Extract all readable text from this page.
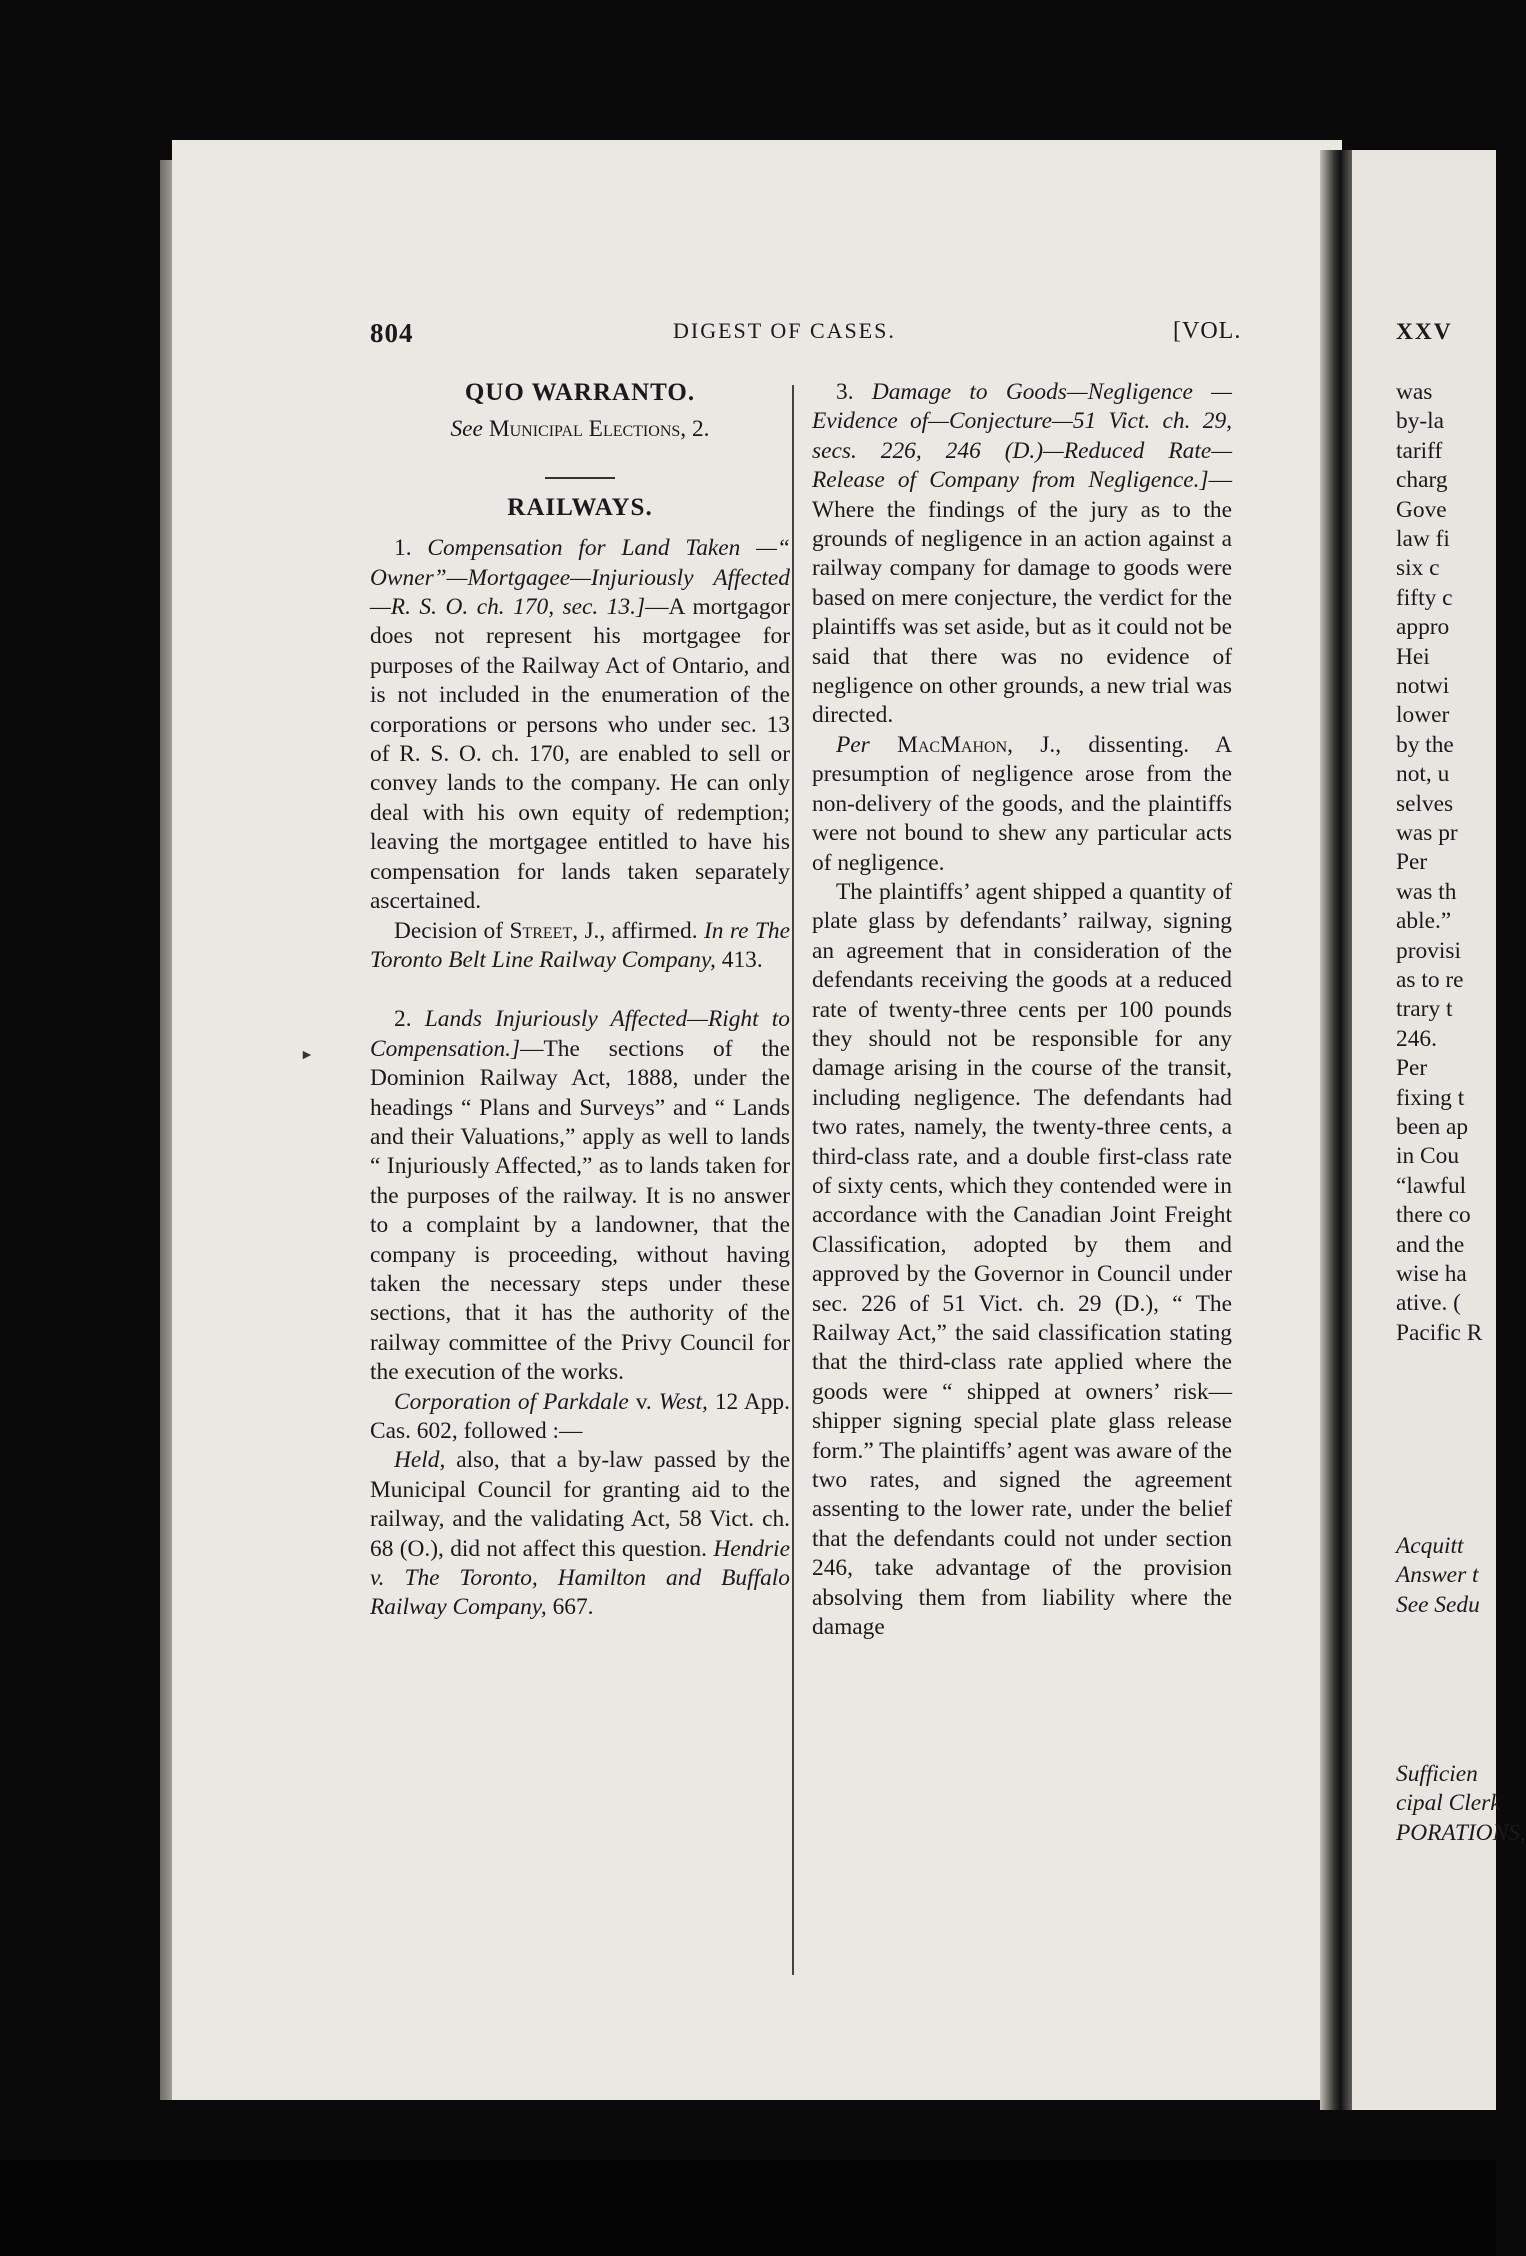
804	DIGEST OF CASES.	[VOL.
►

QUO WARRANTO.

See Municipal Elections, 2.

RAILWAYS.

1. Compensation for Land Taken —“ Owner”—Mortgagee—Injuriously Affected—R. S. O. ch. 170, sec. 13.]—A mortgagor does not represent his mortgagee for purposes of the Railway Act of Ontario, and is not included in the enumeration of the corporations or persons who under sec. 13 of R. S. O. ch. 170, are enabled to sell or convey lands to the company. He can only deal with his own equity of redemption; leaving the mortgagee entitled to have his compensation for lands taken separately ascertained.

Decision of Street, J., affirmed. In re The Toronto Belt Line Railway Company, 413.

2. Lands Injuriously Affected—Right to Compensation.]—The sections of the Dominion Railway Act, 1888, under the headings “ Plans and Surveys” and “ Lands and their Valuations,” apply as well to lands “ Injuriously Affected,” as to lands taken for the purposes of the railway. It is no answer to a complaint by a landowner, that the company is proceeding, without having taken the necessary steps under these sections, that it has the authority of the railway committee of the Privy Council for the execution of the works.

Corporation of Parkdale v. West, 12 App. Cas. 602, followed :—

Held, also, that a by-law passed by the Municipal Council for granting aid to the railway, and the validating Act, 58 Vict. ch. 68 (O.), did not affect this question. Hendrie v. The Toronto, Hamilton and Buffalo Railway Company, 667.

3. Damage to Goods—Negligence —Evidence of—Conjecture—51 Vict. ch. 29, secs. 226, 246 (D.)—Reduced Rate—Release of Company from Negligence.]—Where the findings of the jury as to the grounds of negligence in an action against a railway company for damage to goods were based on mere conjecture, the verdict for the plaintiffs was set aside, but as it could not be said that there was no evidence of negligence on other grounds, a new trial was directed.

Per MacMahon, J., dissenting. A presumption of negligence arose from the non-delivery of the goods, and the plaintiffs were not bound to shew any particular acts of negligence.

The plaintiffs’ agent shipped a quantity of plate glass by defendants’ railway, signing an agreement that in consideration of the defendants receiving the goods at a reduced rate of twenty-three cents per 100 pounds they should not be responsible for any damage arising in the course of the transit, including negligence. The defendants had two rates, namely, the twenty-three cents, a third-class rate, and a double first-class rate of sixty cents, which they contended were in accordance with the Canadian Joint Freight Classification, adopted by them and approved by the Governor in Council under sec. 226 of 51 Vict. ch. 29 (D.), “ The Railway Act,” the said classification stating that the third-class rate applied where the goods were “ shipped at owners’ risk—shipper signing special plate glass release form.” The plaintiffs’ agent was aware of the two rates, and signed the agreement assenting to the lower rate, under the belief that the defendants could not under section 246, take advantage of the provision absolving them from liability where the damage

XXV
was
by-la
tariff
charg
Gove
law fi
six c
fifty c
appro
Hei
notwi
lower
by the
not, u
selves
was pr
Per
was th
able.”
provisi
as to re
trary t
246.
Per
fixing t
been ap
in Cou
“lawful
there co
and the
wise ha
ative. (
Pacific R
Acquitt
Answer t
See Sedu
Sufficien
cipal Clerk
PORATIONS,
